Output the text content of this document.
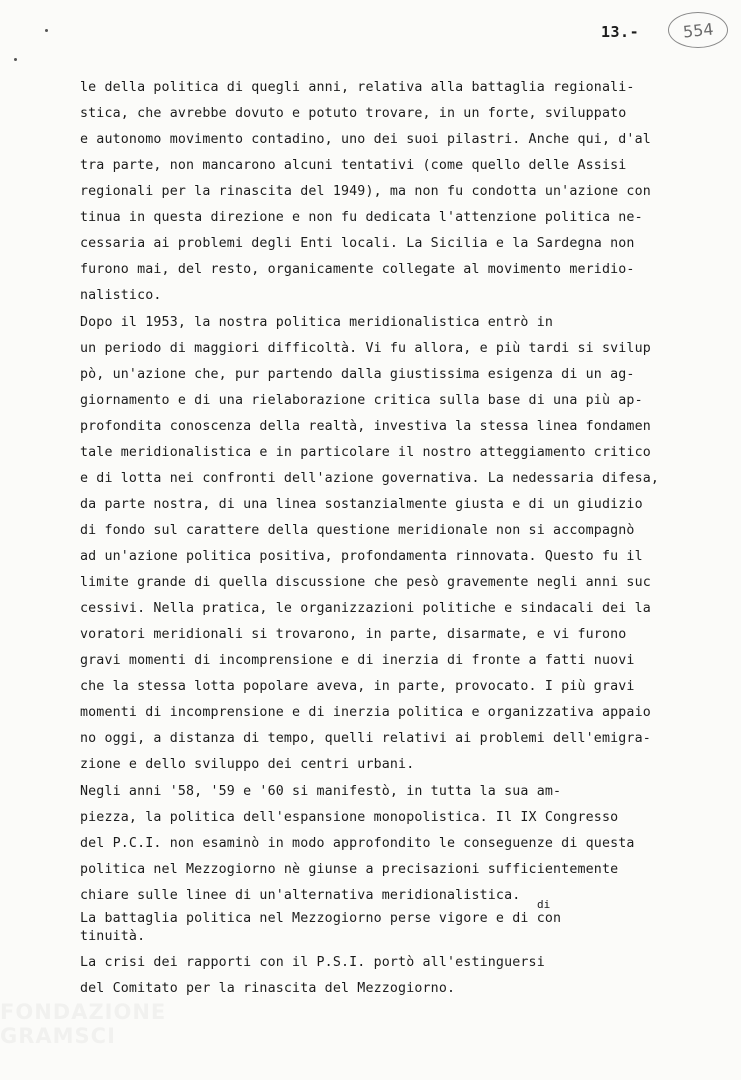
13.-	554
le della politica di quegli anni, relativa alla battaglia regionali-
stica, che avrebbe dovuto e potuto trovare, in un forte, sviluppato
e autonomo movimento contadino, uno dei suoi pilastri. Anche qui, d'al
tra parte, non mancarono alcuni tentativi (come quello delle Assisi
regionali per la rinascita del 1949), ma non fu condotta un'azione con
tinua in questa direzione e non fu dedicata l'attenzione politica ne-
cessaria ai problemi degli Enti locali. La Sicilia e la Sardegna non
furono mai, del resto, organicamente collegate al movimento meridio-
nalistico.
Dopo il 1953, la nostra politica meridionalistica entrò in
un periodo di maggiori difficoltà. Vi fu allora, e più tardi si svilup
pò, un'azione che, pur partendo dalla giustissima esigenza di un ag-
giornamento e di una rielaborazione critica sulla base di una più ap-
profondita conoscenza della realtà, investiva la stessa linea fondamen
tale meridionalistica e in particolare il nostro atteggiamento critico
e di lotta nei confronti dell'azione governativa. La nedessaria difesa,
da parte nostra, di una linea sostanzialmente giusta e di un giudizio
di fondo sul carattere della questione meridionale non si accompagnò
ad un'azione politica positiva, profondamenta rinnovata. Questo fu il
limite grande di quella discussione che pesò gravemente negli anni suc
cessivi. Nella pratica, le organizzazioni politiche e sindacali dei la
voratori meridionali si trovarono, in parte, disarmate, e vi furono
gravi momenti di incomprensione e di inerzia di fronte a fatti nuovi
che la stessa lotta popolare aveva, in parte, provocato. I più gravi
momenti di incomprensione e di inerzia politica e organizzativa appaio
no oggi, a distanza di tempo, quelli relativi ai problemi dell'emigra-
zione e dello sviluppo dei centri urbani.
Negli anni '58, '59 e '60 si manifestò, in tutta la sua am-
piezza, la politica dell'espansione monopolistica. Il IX Congresso
del P.C.I. non esaminò in modo approfondito le conseguenze di questa
politica nel Mezzogiorno nè giunse a precisazioni sufficientemente
chiare sulle linee di un'alternativa meridionalistica.
di
La battaglia politica nel Mezzogiorno perse vigore e di con
tinuità.
La crisi dei rapporti con il P.S.I. portò all'estinguersi
del Comitato per la rinascita del Mezzogiorno.
FONDAZIONE
GRAMSCI
